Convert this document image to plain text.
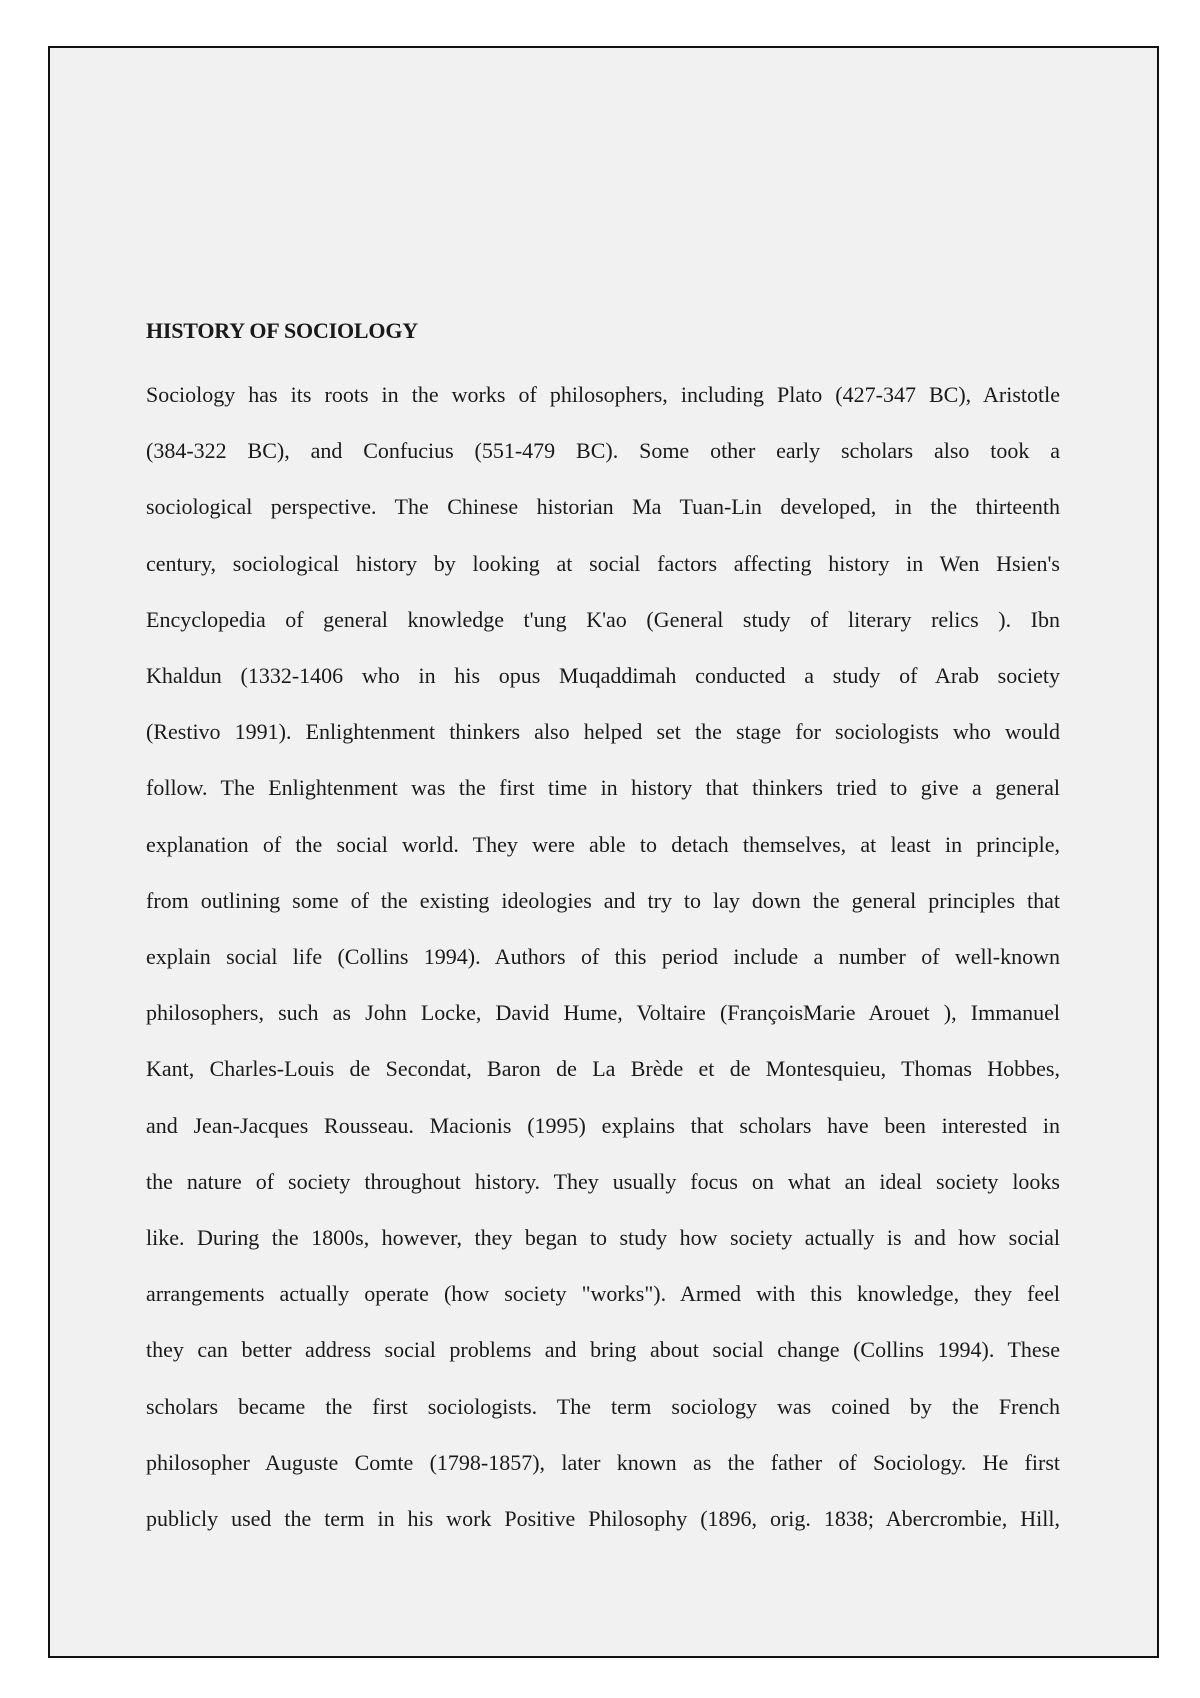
HISTORY OF SOCIOLOGY
Sociology has its roots in the works of philosophers, including Plato (427-347 BC), Aristotle
(384-322 BC), and Confucius (551-479 BC). Some other early scholars also took a
sociological perspective. The Chinese historian Ma Tuan-Lin developed, in the thirteenth
century, sociological history by looking at social factors affecting history in Wen Hsien's
Encyclopedia of general knowledge t'ung K'ao (General study of literary relics ). Ibn
Khaldun (1332-1406 who in his opus Muqaddimah conducted a study of Arab society
(Restivo 1991). Enlightenment thinkers also helped set the stage for sociologists who would
follow. The Enlightenment was the first time in history that thinkers tried to give a general
explanation of the social world. They were able to detach themselves, at least in principle,
from outlining some of the existing ideologies and try to lay down the general principles that
explain social life (Collins 1994). Authors of this period include a number of well-known
philosophers, such as John Locke, David Hume, Voltaire (FrançoisMarie Arouet ), Immanuel
Kant, Charles-Louis de Secondat, Baron de La Brède et de Montesquieu, Thomas Hobbes,
and Jean-Jacques Rousseau. Macionis (1995) explains that scholars have been interested in
the nature of society throughout history. They usually focus on what an ideal society looks
like. During the 1800s, however, they began to study how society actually is and how social
arrangements actually operate (how society "works"). Armed with this knowledge, they feel
they can better address social problems and bring about social change (Collins 1994). These
scholars became the first sociologists. The term sociology was coined by the French
philosopher Auguste Comte (1798-1857), later known as the father of Sociology. He first
publicly used the term in his work Positive Philosophy (1896, orig. 1838; Abercrombie, Hill,
